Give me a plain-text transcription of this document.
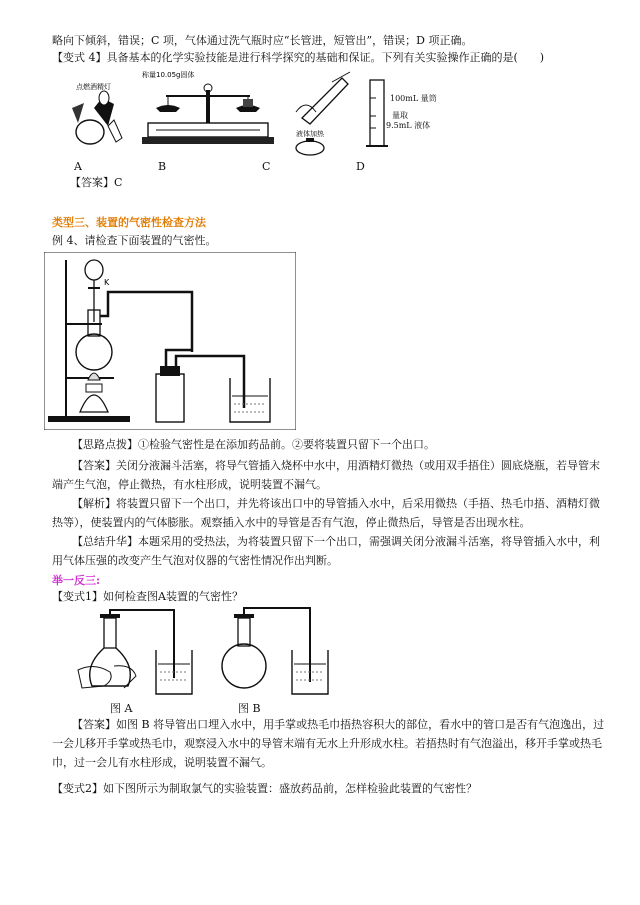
略向下倾斜，错误；C 项，气体通过洗气瓶时应“长管进，短管出”，错误；D 项正确。
【变式 4】具备基本的化学实验技能是进行科学探究的基础和保证。下列有关实验操作正确的是(　　)
点燃酒精灯
称量10.05g固体
液体加热
100mL 量筒
量取
9.5mL 液体
A	B	C	D
【答案】C
类型三、装置的气密性检查方法
例 4、请检查下面装置的气密性。
K
【思路点拨】①检验气密性是在添加药品前。②要将装置只留下一个出口。
【答案】关闭分液漏斗活塞，将导气管插入烧杯中水中，用酒精灯微热（或用双手捂住）圆底烧瓶，若导管末端产生气泡，停止微热，有水柱形成，说明装置不漏气。
【解析】将装置只留下一个出口，并先将该出口中的导管插入水中，后采用微热（手捂、热毛巾捂、酒精灯微热等），使装置内的气体膨胀。观察插入水中的导管是否有气泡，停止微热后，导管是否出现水柱。
【总结升华】本题采用的受热法，为将装置只留下一个出口，需强调关闭分液漏斗活塞，将导管插入水中，利用气体压强的改变产生气泡对仪器的气密性情况作出判断。
举一反三:
【变式1】如何检查图A装置的气密性？
图 A	图 B
【答案】如图 B 将导管出口埋入水中，用手掌或热毛巾捂热容积大的部位，看水中的管口是否有气泡逸出，过一会儿移开手掌或热毛巾，观察浸入水中的导管末端有无水上升形成水柱。若捂热时有气泡溢出，移开手掌或热毛巾，过一会儿有水柱形成，说明装置不漏气。
【变式2】如下图所示为制取氯气的实验装置：盛放药品前，怎样检验此装置的气密性？
